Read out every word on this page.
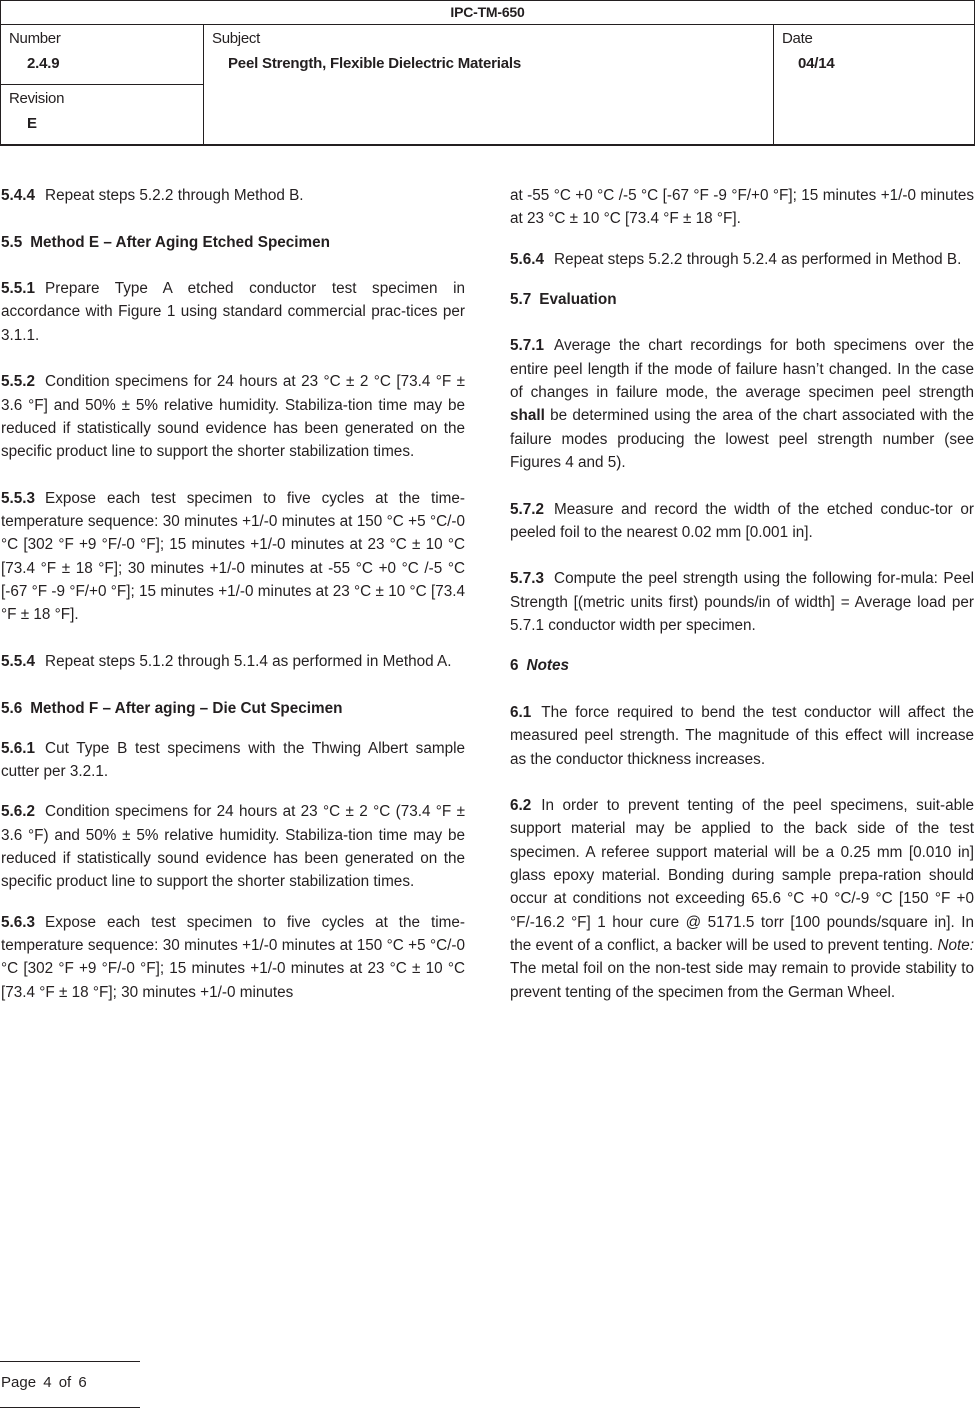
IPC-TM-650
Number
2.4.9
Revision
E
Subject
Peel Strength, Flexible Dielectric Materials
Date
04/14

5.4.4 Repeat steps 5.2.2 through Method B.

5.5 Method E – After Aging Etched Specimen

5.5.1 Prepare Type A etched conductor test specimen in accordance with Figure 1 using standard commercial prac-tices per 3.1.1.

5.5.2 Condition specimens for 24 hours at 23 °C ± 2 °C [73.4 °F ± 3.6 °F] and 50% ± 5% relative humidity. Stabiliza-tion time may be reduced if statistically sound evidence has been generated on the specific product line to support the shorter stabilization times.

5.5.3 Expose each test specimen to five cycles at the time-temperature sequence: 30 minutes +1/-0 minutes at 150 °C +5 °C/-0 °C [302 °F +9 °F/-0 °F]; 15 minutes +1/-0 minutes at 23 °C ± 10 °C [73.4 °F ± 18 °F]; 30 minutes +1/-0 minutes at -55 °C +0 °C /-5 °C [-67 °F -9 °F/+0 °F]; 15 minutes +1/-0 minutes at 23 °C ± 10 °C [73.4 °F ± 18 °F].

5.5.4 Repeat steps 5.1.2 through 5.1.4 as performed in Method A.

5.6 Method F – After aging – Die Cut Specimen

5.6.1 Cut Type B test specimens with the Thwing Albert sample cutter per 3.2.1.

5.6.2 Condition specimens for 24 hours at 23 °C ± 2 °C (73.4 °F ± 3.6 °F) and 50% ± 5% relative humidity. Stabiliza-tion time may be reduced if statistically sound evidence has been generated on the specific product line to support the shorter stabilization times.

5.6.3 Expose each test specimen to five cycles at the time-temperature sequence: 30 minutes +1/-0 minutes at 150 °C +5 °C/-0 °C [302 °F +9 °F/-0 °F]; 15 minutes +1/-0 minutes at 23 °C ± 10 °C [73.4 °F ± 18 °F]; 30 minutes +1/-0 minutes

at -55 °C +0 °C /-5 °C [-67 °F -9 °F/+0 °F]; 15 minutes +1/-0 minutes at 23 °C ± 10 °C [73.4 °F ± 18 °F].

5.6.4 Repeat steps 5.2.2 through 5.2.4 as performed in Method B.

5.7 Evaluation

5.7.1 Average the chart recordings for both specimens over the entire peel length if the mode of failure hasn’t changed. In the case of changes in failure mode, the average specimen peel strength shall be determined using the area of the chart associated with the failure modes producing the lowest peel strength number (see Figures 4 and 5).

5.7.2 Measure and record the width of the etched conduc-tor or peeled foil to the nearest 0.02 mm [0.001 in].

5.7.3 Compute the peel strength using the following for-mula: Peel Strength [(metric units first) pounds/in of width] = Average load per 5.7.1 conductor width per specimen.

6 Notes

6.1 The force required to bend the test conductor will affect the measured peel strength. The magnitude of this effect will increase as the conductor thickness increases.

6.2 In order to prevent tenting of the peel specimens, suit-able support material may be applied to the back side of the test specimen. A referee support material will be a 0.25 mm [0.010 in] glass epoxy material. Bonding during sample prepa-ration should occur at conditions not exceeding 65.6 °C +0 °C/-9 °C [150 °F +0 °F/-16.2 °F] 1 hour cure @ 5171.5 torr [100 pounds/square in]. In the event of a conflict, a backer will be used to prevent tenting. Note: The metal foil on the non-test side may remain to provide stability to prevent tenting of the specimen from the German Wheel.

Page 4 of 6
